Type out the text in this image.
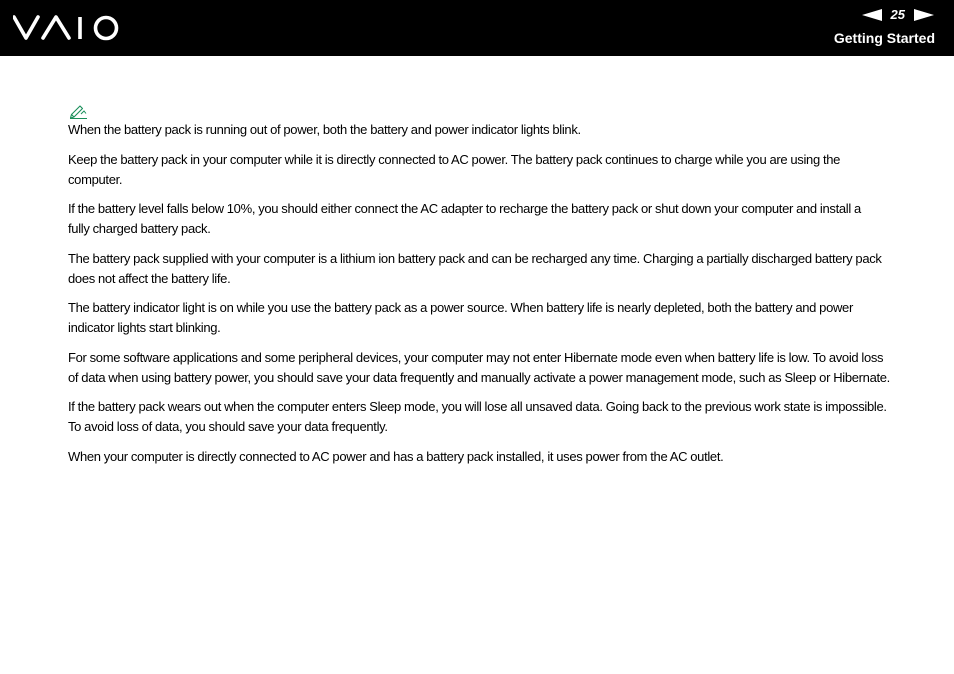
25
Getting Started

When the battery pack is running out of power, both the battery and power indicator lights blink.

Keep the battery pack in your computer while it is directly connected to AC power. The battery pack continues to charge while you are using the
computer.

If the battery level falls below 10%, you should either connect the AC adapter to recharge the battery pack or shut down your computer and install a
fully charged battery pack.

The battery pack supplied with your computer is a lithium ion battery pack and can be recharged any time. Charging a partially discharged battery pack
does not affect the battery life.

The battery indicator light is on while you use the battery pack as a power source. When battery life is nearly depleted, both the battery and power
indicator lights start blinking.

For some software applications and some peripheral devices, your computer may not enter Hibernate mode even when battery life is low. To avoid loss
of data when using battery power, you should save your data frequently and manually activate a power management mode, such as Sleep or Hibernate.

If the battery pack wears out when the computer enters Sleep mode, you will lose all unsaved data. Going back to the previous work state is impossible.
To avoid loss of data, you should save your data frequently.

When your computer is directly connected to AC power and has a battery pack installed, it uses power from the AC outlet.
